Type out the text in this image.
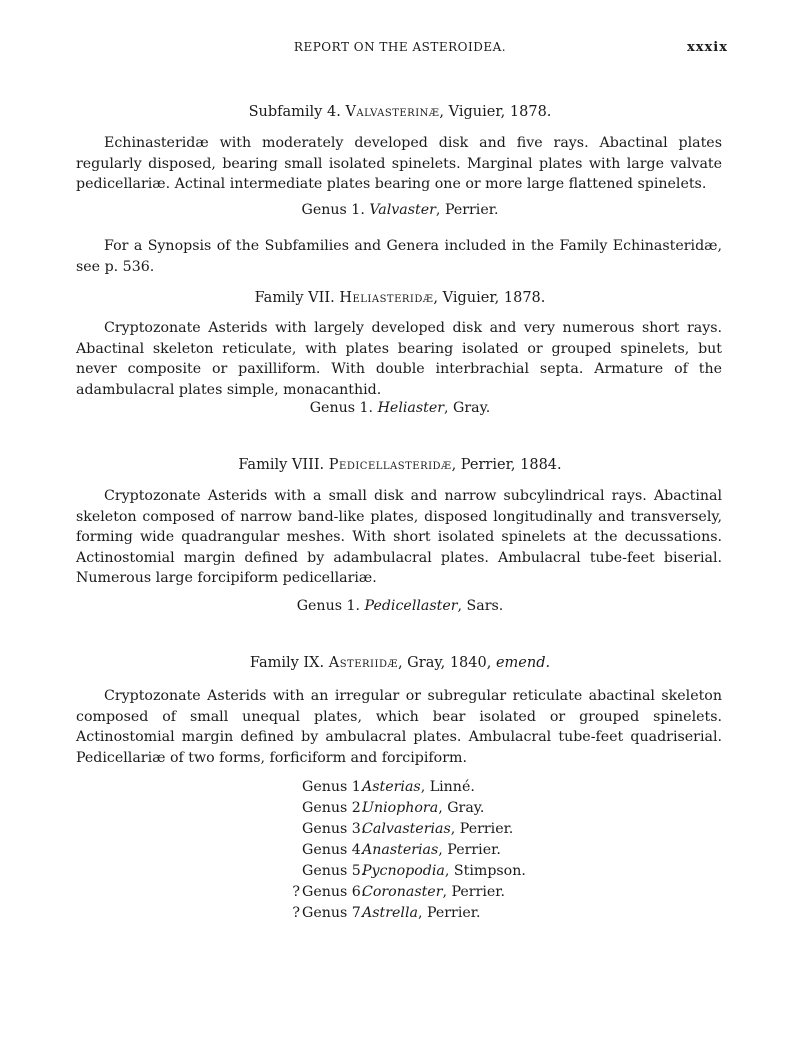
REPORT ON THE ASTEROIDEA.	xxxix
Subfamily 4. Valvasterinæ, Viguier, 1878.
Echinasteridæ with moderately developed disk and five rays. Abactinal plates regularly disposed, bearing small isolated spinelets. Marginal plates with large valvate pedicellariæ. Actinal intermediate plates bearing one or more large flattened spinelets.
Genus 1. Valvaster, Perrier.
For a Synopsis of the Subfamilies and Genera included in the Family Echinasteridæ, see p. 536.
Family VII. Heliasteridæ, Viguier, 1878.
Cryptozonate Asterids with largely developed disk and very numerous short rays. Abactinal skeleton reticulate, with plates bearing isolated or grouped spinelets, but never composite or paxilliform. With double interbrachial septa. Armature of the adambulacral plates simple, monacanthid.
Genus 1. Heliaster, Gray.
Family VIII. Pedicellasteridæ, Perrier, 1884.
Cryptozonate Asterids with a small disk and narrow subcylindrical rays. Abactinal skeleton composed of narrow band-like plates, disposed longitudinally and transversely, forming wide quadrangular meshes. With short isolated spinelets at the decussations. Actinostomial margin defined by adambulacral plates. Ambulacral tube-feet biserial. Numerous large forcipiform pedicellariæ.
Genus 1. Pedicellaster, Sars.
Family IX. Asteriidæ, Gray, 1840, emend.
Cryptozonate Asterids with an irregular or subregular reticulate abactinal skeleton composed of small unequal plates, which bear isolated or grouped spinelets. Actinostomial margin defined by ambulacral plates. Ambulacral tube-feet quadriserial. Pedicellariæ of two forms, forficiform and forcipiform.
Genus 1.
Asterias , Linné.
Genus 2.
Uniophora , Gray.
Genus 3.
Calvasterias , Perrier.
Genus 4.
Anasterias , Perrier.
Genus 5.
Pycnopodia , Stimpson.
? Genus 6.
Coronaster , Perrier.
? Genus 7.
Astrella , Perrier.
